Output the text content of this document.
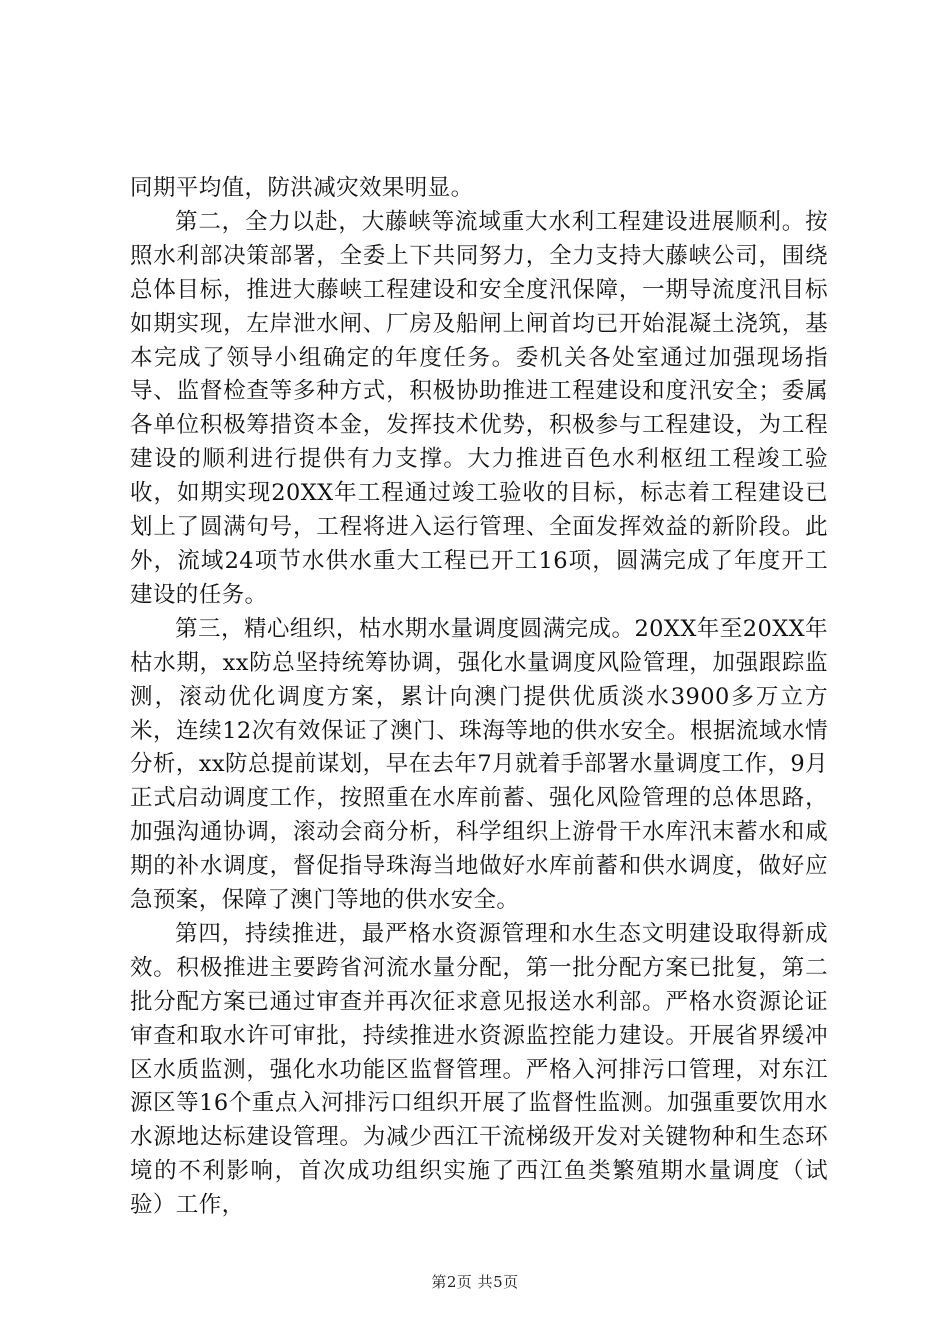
同期平均值，防洪减灾效果明显。

第二，全力以赴，大藤峡等流域重大水利工程建设进展顺利。按照水利部决策部署，全委上下共同努力，全力支持大藤峡公司，围绕总体目标，推进大藤峡工程建设和安全度汛保障，一期导流度汛目标如期实现，左岸泄水闸、厂房及船闸上闸首均已开始混凝土浇筑，基本完成了领导小组确定的年度任务。委机关各处室通过加强现场指导、监督检查等多种方式，积极协助推进工程建设和度汛安全；委属各单位积极筹措资本金，发挥技术优势，积极参与工程建设，为工程建设的顺利进行提供有力支撑。大力推进百色水利枢纽工程竣工验收，如期实现20XX年工程通过竣工验收的目标，标志着工程建设已划上了圆满句号，工程将进入运行管理、全面发挥效益的新阶段。此外，流域24项节水供水重大工程已开工16项，圆满完成了年度开工建设的任务。

第三，精心组织，枯水期水量调度圆满完成。20XX年至20XX年枯水期，xx防总坚持统筹协调，强化水量调度风险管理，加强跟踪监测，滚动优化调度方案，累计向澳门提供优质淡水3900多万立方米，连续12次有效保证了澳门、珠海等地的供水安全。根据流域水情分析，xx防总提前谋划，早在去年7月就着手部署水量调度工作，9月正式启动调度工作，按照重在水库前蓄、强化风险管理的总体思路，加强沟通协调，滚动会商分析，科学组织上游骨干水库汛末蓄水和咸期的补水调度，督促指导珠海当地做好水库前蓄和供水调度，做好应急预案，保障了澳门等地的供水安全。

第四，持续推进，最严格水资源管理和水生态文明建设取得新成效。积极推进主要跨省河流水量分配，第一批分配方案已批复，第二批分配方案已通过审查并再次征求意见报送水利部。严格水资源论证审查和取水许可审批，持续推进水资源监控能力建设。开展省界缓冲区水质监测，强化水功能区监督管理。严格入河排污口管理，对东江源区等16个重点入河排污口组织开展了监督性监测。加强重要饮用水水源地达标建设管理。为减少西江干流梯级开发对关键物种和生态环境的不利影响，首次成功组织实施了西江鱼类繁殖期水量调度（试验）工作，

第2页 共5页
